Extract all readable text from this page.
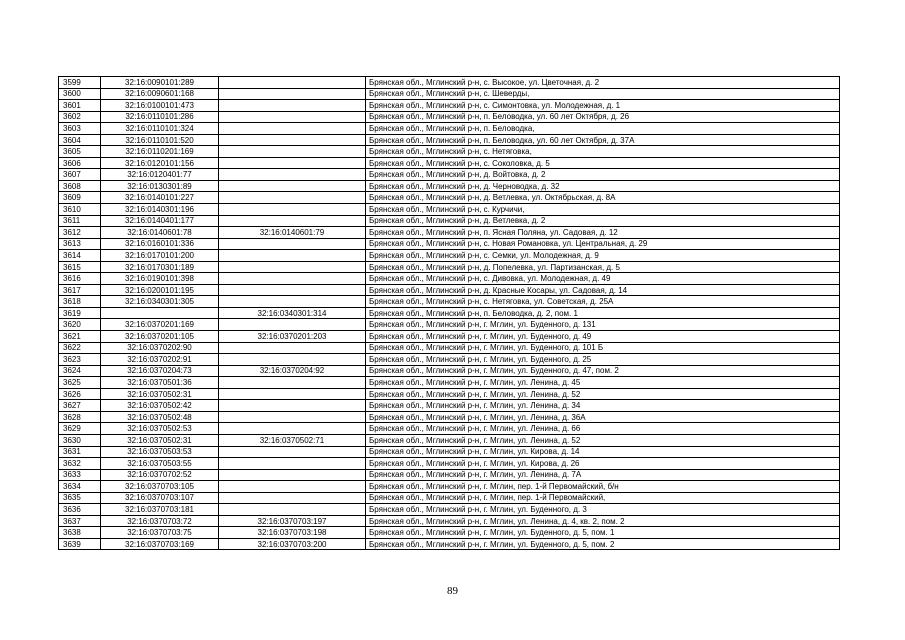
3599	32:16:0090101:289		Брянская обл., Мглинский р-н, с. Высокое, ул. Цветочная, д. 2
3600	32:16:0090601:168		Брянская обл., Мглинский р-н, с. Шеверды,
3601	32:16:0100101:473		Брянская обл., Мглинский р-н, с. Симонтовка, ул. Молодежная, д. 1
3602	32:16:0110101:286		Брянская обл., Мглинский р-н, п. Беловодка, ул. 60 лет Октября, д. 26
3603	32:16:0110101:324		Брянская обл., Мглинский р-н, п. Беловодка,
3604	32:16:0110101:520		Брянская обл., Мглинский р-н, п. Беловодка, ул. 60 лет Октября, д. 37А
3605	32:16:0110201:169		Брянская обл., Мглинский р-н, с. Нетяговка,
3606	32:16:0120101:156		Брянская обл., Мглинский р-н, с. Соколовка, д. 5
3607	32:16:0120401:77		Брянская обл., Мглинский р-н, д. Войтовка, д. 2
3608	32:16:0130301:89		Брянская обл., Мглинский р-н, д. Черноводка, д. 32
3609	32:16:0140101:227		Брянская обл., Мглинский р-н, д. Ветлевка, ул. Октябрьская, д. 8А
3610	32:16:0140301:196		Брянская обл., Мглинский р-н, с. Курчичи,
3611	32:16:0140401:177		Брянская обл., Мглинский р-н, д. Ветлевка, д. 2
3612	32:16:0140601:78	32:16:0140601:79	Брянская обл., Мглинский р-н, п. Ясная Поляна, ул. Садовая, д. 12
3613	32:16:0160101:336		Брянская обл., Мглинский р-н, с. Новая Романовка, ул. Центральная, д. 29
3614	32:16:0170101:200		Брянская обл., Мглинский р-н, с. Семки, ул. Молодежная, д. 9
3615	32:16:0170301:189		Брянская обл., Мглинский р-н, д. Попелевка, ул. Партизанская, д. 5
3616	32:16:0190101:398		Брянская обл., Мглинский р-н, с. Дивовка, ул. Молодежная, д. 49
3617	32:16:0200101:195		Брянская обл., Мглинский р-н, д. Красные Косары, ул. Садовая, д. 14
3618	32:16:0340301:305		Брянская обл., Мглинский р-н, с. Нетяговка, ул. Советская, д. 25А
3619		32:16:0340301:314	Брянская обл., Мглинский р-н, п. Беловодка, д. 2, пом. 1
3620	32:16:0370201:169		Брянская обл., Мглинский р-н, г. Мглин, ул. Буденного, д. 131
3621	32:16:0370201:105	32:16:0370201:203	Брянская обл., Мглинский р-н, г. Мглин, ул. Буденного, д. 49
3622	32:16:0370202:90		Брянская обл., Мглинский р-н, г. Мглин, ул. Буденного, д. 101 Б
3623	32:16:0370202:91		Брянская обл., Мглинский р-н, г. Мглин, ул. Буденного, д. 25
3624	32:16:0370204:73	32:16:0370204:92	Брянская обл., Мглинский р-н, г. Мглин, ул. Буденного, д. 47, пом. 2
3625	32:16:0370501:36		Брянская обл., Мглинский р-н, г. Мглин, ул. Ленина, д. 45
3626	32:16:0370502:31		Брянская обл., Мглинский р-н, г. Мглин, ул. Ленина, д. 52
3627	32:16:0370502:42		Брянская обл., Мглинский р-н, г. Мглин, ул. Ленина, д. 34
3628	32:16:0370502:48		Брянская обл., Мглинский р-н, г. Мглин, ул. Ленина, д. 36А
3629	32:16:0370502:53		Брянская обл., Мглинский р-н, г. Мглин, ул. Ленина, д. 66
3630	32:16:0370502:31	32:16:0370502:71	Брянская обл., Мглинский р-н, г. Мглин, ул. Ленина, д. 52
3631	32:16:0370503:53		Брянская обл., Мглинский р-н, г. Мглин, ул. Кирова, д. 14
3632	32:16:0370503:55		Брянская обл., Мглинский р-н, г. Мглин, ул. Кирова, д. 26
3633	32:16:0370702:52		Брянская обл., Мглинский р-н, г. Мглин, ул. Ленина, д. 7А
3634	32:16:0370703:105		Брянская обл., Мглинский р-н, г. Мглин, пер. 1-й Первомайский, б/н
3635	32:16:0370703:107		Брянская обл., Мглинский р-н, г. Мглин, пер. 1-й Первомайский,
3636	32:16:0370703:181		Брянская обл., Мглинский р-н, г. Мглин, ул. Буденного, д. 3
3637	32:16:0370703:72	32:16:0370703:197	Брянская обл., Мглинский р-н, г. Мглин, ул. Ленина, д. 4, кв. 2, пом. 2
3638	32:16:0370703:75	32:16:0370703:198	Брянская обл., Мглинский р-н, г. Мглин, ул. Буденного, д. 5, пом. 1
3639	32:16:0370703:169	32:16:0370703:200	Брянская обл., Мглинский р-н, г. Мглин, ул. Буденного, д. 5, пом. 2
89
